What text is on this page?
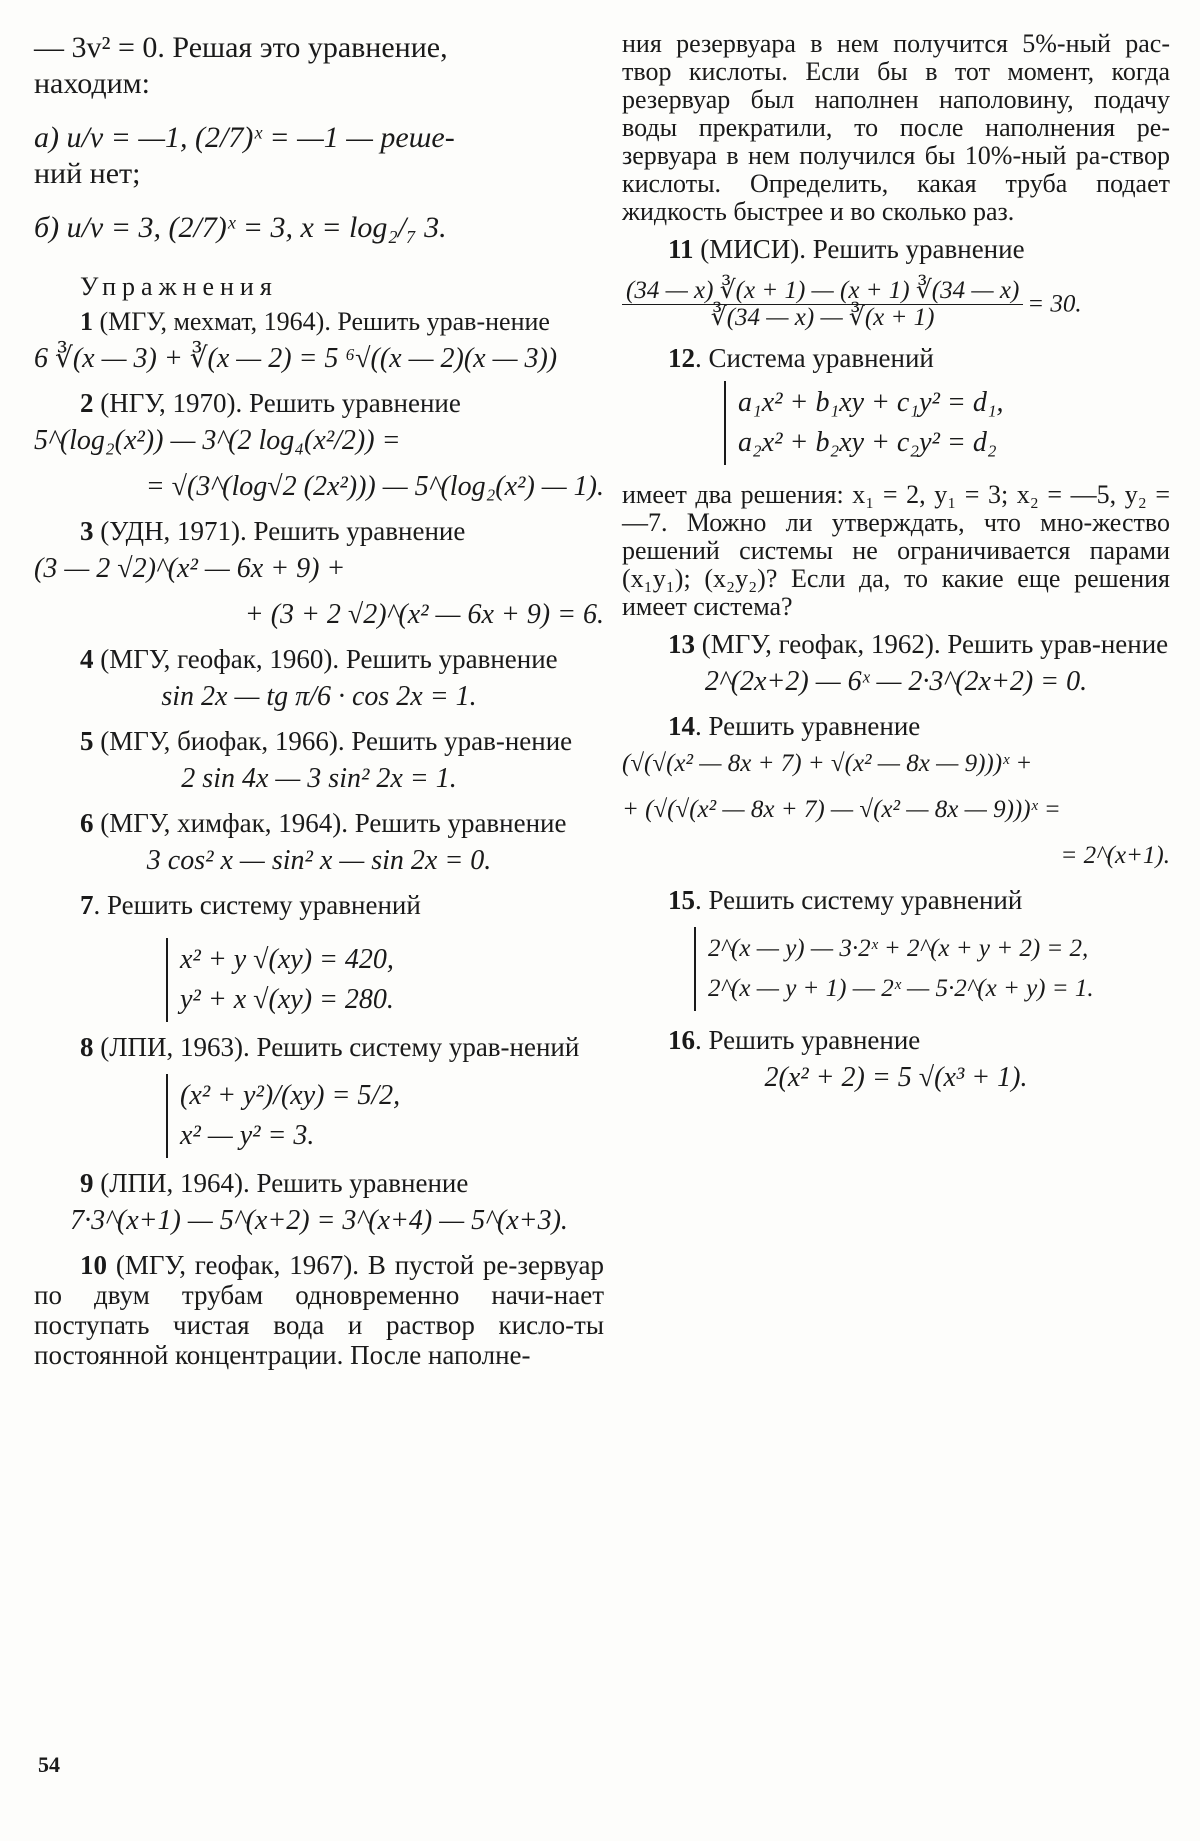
— 3v² = 0. Решая это уравнение,
находим:
а) u/v = —1, (2/7)ˣ = —1 — реше-
ний нет;
б) u/v = 3, (2/7)ˣ = 3, x = log₂/₇ 3.
Упражнения
1 (МГУ, мехмат, 1964). Решить урав-нение
6 ∛(x — 3) + ∛(x — 2) = 5 ⁶√((x — 2)(x — 3))
2 (НГУ, 1970). Решить уравнение
5^(log₂(x²)) — 3^(2 log₄(x²/2)) =
= √(3^(log√2 (2x²))) — 5^(log₂(x²) — 1).
3 (УДН, 1971). Решить уравнение
(3 — 2 √2)^(x² — 6x + 9) +
+ (3 + 2 √2)^(x² — 6x + 9) = 6.
4 (МГУ, геофак, 1960). Решить уравнение
sin 2x — tg π/6 · cos 2x = 1.
5 (МГУ, биофак, 1966). Решить урав-нение
2 sin 4x — 3 sin² 2x = 1.
6 (МГУ, химфак, 1964). Решить уравнение
3 cos² x — sin² x — sin 2x = 0.
7. Решить систему уравнений
x² + y √(xy) = 420,
y² + x √(xy) = 280.
8 (ЛПИ, 1963). Решить систему урав-нений
(x² + y²)/(xy) = 5/2,
x² — y² = 3.
9 (ЛПИ, 1964). Решить уравнение
7·3^(x+1) — 5^(x+2) = 3^(x+4) — 5^(x+3).
10 (МГУ, геофак, 1967). В пустой ре-зервуар по двум трубам одновременно начи-нает поступать чистая вода и раствор кисло-ты постоянной концентрации. После наполне-
ния резервуара в нем получится 5%-ный рас-твор кислоты. Если бы в тот момент, когда резервуар был наполнен наполовину, подачу воды прекратили, то после наполнения ре-зервуара в нем получился бы 10%-ный ра-створ кислоты. Определить, какая труба подает жидкость быстрее и во сколько раз.
11 (МИСИ). Решить уравнение
$\frac{(34 — x) ∛(x + 1) — (x + 1) ∛(34 — x)}{∛(34 — x) — ∛(x + 1)} = 30$.
12. Система уравнений
a₁x² + b₁xy + c₁y² = d₁,
a₂x² + b₂xy + c₂y² = d₂
имеет два решения: x₁ = 2, y₁ = 3; x₂ = —5, y₂ = —7. Можно ли утверждать, что мно-жество решений системы не ограничивается парами (x₁y₁); (x₂y₂)? Если да, то какие еще решения имеет система?
13 (МГУ, геофак, 1962). Решить урав-нение
2^(2x+2) — 6ˣ — 2·3^(2x+2) = 0.
14. Решить уравнение
(√(√(x² — 8x + 7) + √(x² — 8x — 9)))ˣ +
+ (√(√(x² — 8x + 7) — √(x² — 8x — 9)))ˣ =
= 2^(x+1).
15. Решить систему уравнений
2^(x — y) — 3·2ˣ + 2^(x + y + 2) = 2,
2^(x — y + 1) — 2ˣ — 5·2^(x + y) = 1.
16. Решить уравнение
2(x² + 2) = 5 √(x³ + 1).
54
